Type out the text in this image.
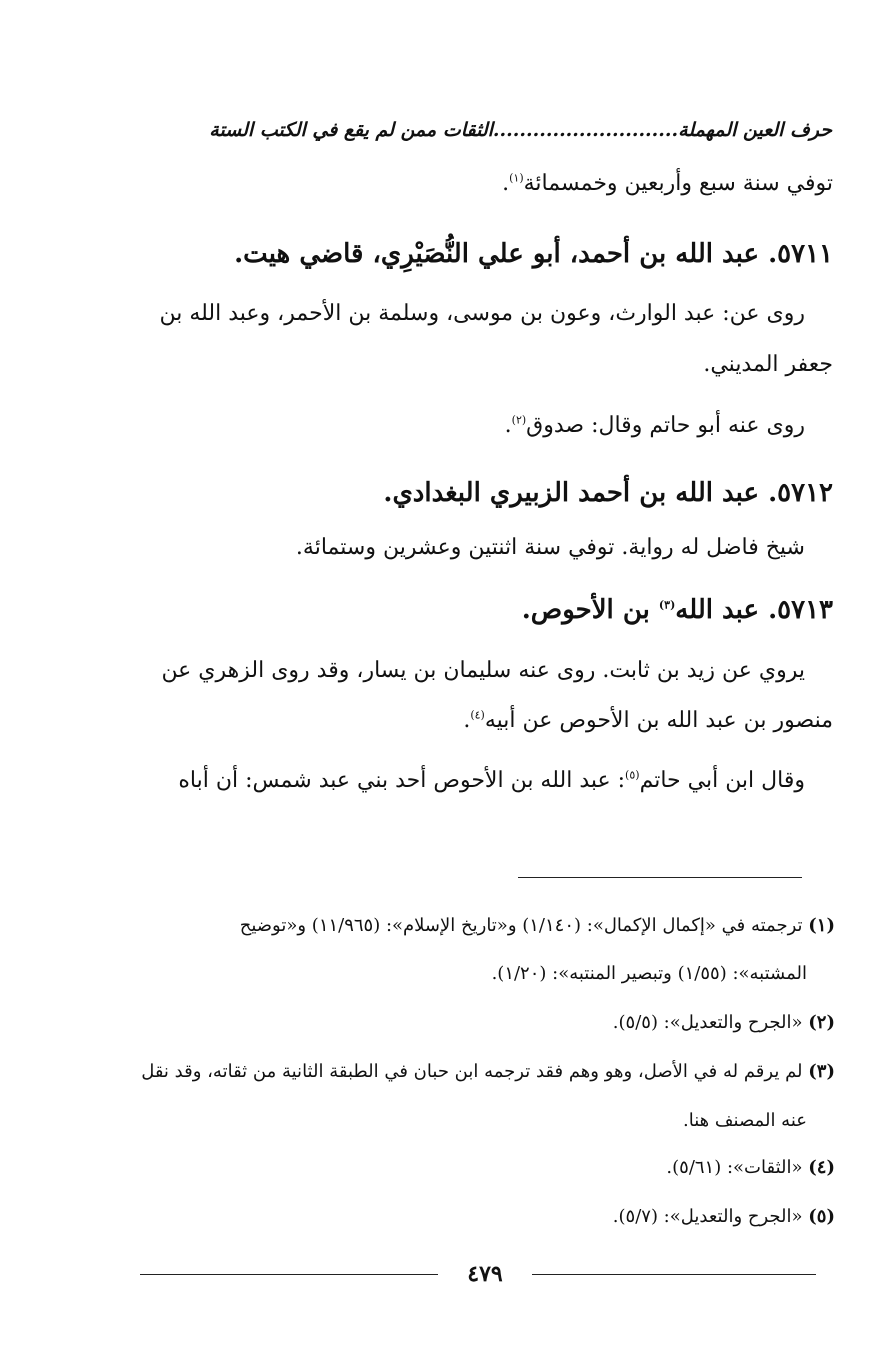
حرف العين المهملة............................الثقات ممن لم يقع في الكتب الستة
توفي سنة سبع وأربعين وخمسمائة$^{(١)}$.
٥٧١١. عبد الله بن أحمد، أبو علي النُّصَيْرِي، قاضي هيت.
روى عن: عبد الوارث، وعون بن موسى، وسلمة بن الأحمر، وعبد الله بن
جعفر المديني.
روى عنه أبو حاتم وقال: صدوق$^{(٢)}$.
٥٧١٢. عبد الله بن أحمد الزبيري البغدادي.
شيخ فاضل له رواية. توفي سنة اثنتين وعشرين وستمائة.
٥٧١٣. عبد الله$^{(٣)}$ بن الأحوص.
يروي عن زيد بن ثابت. روى عنه سليمان بن يسار، وقد روى الزهري عن
منصور بن عبد الله بن الأحوص عن أبيه$^{(٤)}$.
وقال ابن أبي حاتم$^{(٥)}$: عبد الله بن الأحوص أحد بني عبد شمس: أن أباه
(١) ترجمته في «إكمال الإكمال»: (١/١٤٠) و«تاريخ الإسلام»: (١١/٩٦٥) و«توضيح
المشتبه»: (١/٥٥) وتبصير المنتبه»: (١/٢٠).
(٢) «الجرح والتعديل»: (٥/٥).
(٣) لم يرقم له في الأصل، وهو وهم فقد ترجمه ابن حبان في الطبقة الثانية من ثقاته، وقد نقل
عنه المصنف هنا.
(٤) «الثقات»: (٥/٦١).
(٥) «الجرح والتعديل»: (٥/٧).
٤٧٩
